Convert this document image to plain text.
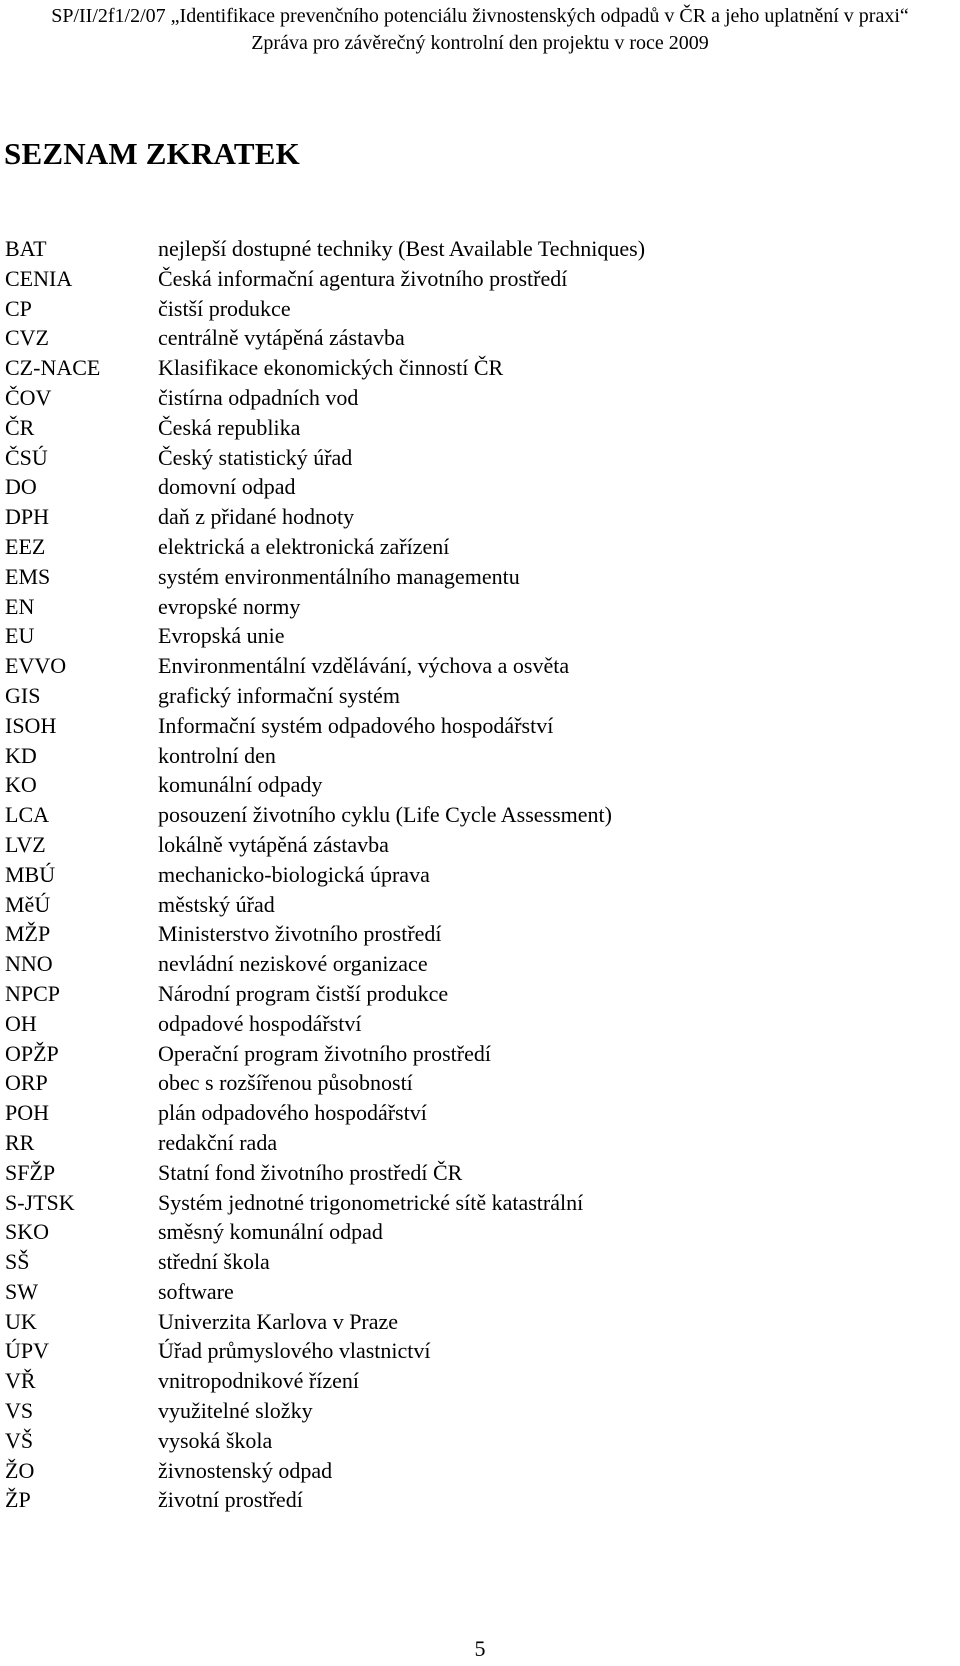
SP/II/2f1/2/07 „Identifikace prevenčního potenciálu živnostenských odpadů v ČR a jeho uplatnění v praxi“
Zpráva pro závěrečný kontrolní den projektu v roce 2009
SEZNAM ZKRATEK
BAT	nejlepší dostupné techniky (Best Available Techniques)
CENIA	Česká informační agentura životního prostředí
CP	čistší produkce
CVZ	centrálně vytápěná zástavba
CZ-NACE	Klasifikace ekonomických činností ČR
ČOV	čistírna odpadních vod
ČR	Česká republika
ČSÚ	Český statistický úřad
DO	domovní odpad
DPH	daň z přidané hodnoty
EEZ	elektrická a elektronická zařízení
EMS	systém environmentálního managementu
EN	evropské normy
EU	Evropská unie
EVVO	Environmentální vzdělávání, výchova a osvěta
GIS	grafický informační systém
ISOH	Informační systém odpadového hospodářství
KD	kontrolní den
KO	komunální odpady
LCA	posouzení životního cyklu (Life Cycle Assessment)
LVZ	lokálně vytápěná zástavba
MBÚ	mechanicko-biologická úprava
MěÚ	městský úřad
MŽP	Ministerstvo životního prostředí
NNO	nevládní neziskové organizace
NPCP	Národní program čistší produkce
OH	odpadové hospodářství
OPŽP	Operační program životního prostředí
ORP	obec s rozšířenou působností
POH	plán odpadového hospodářství
RR	redakční rada
SFŽP	Statní fond životního prostředí ČR
S-JTSK	Systém jednotné trigonometrické sítě katastrální
SKO	směsný komunální odpad
SŠ	střední škola
SW	software
UK	Univerzita Karlova v Praze
ÚPV	Úřad průmyslového vlastnictví
VŘ	vnitropodnikové řízení
VS	využitelné složky
VŠ	vysoká škola
ŽO	živnostenský odpad
ŽP	životní prostředí
5
